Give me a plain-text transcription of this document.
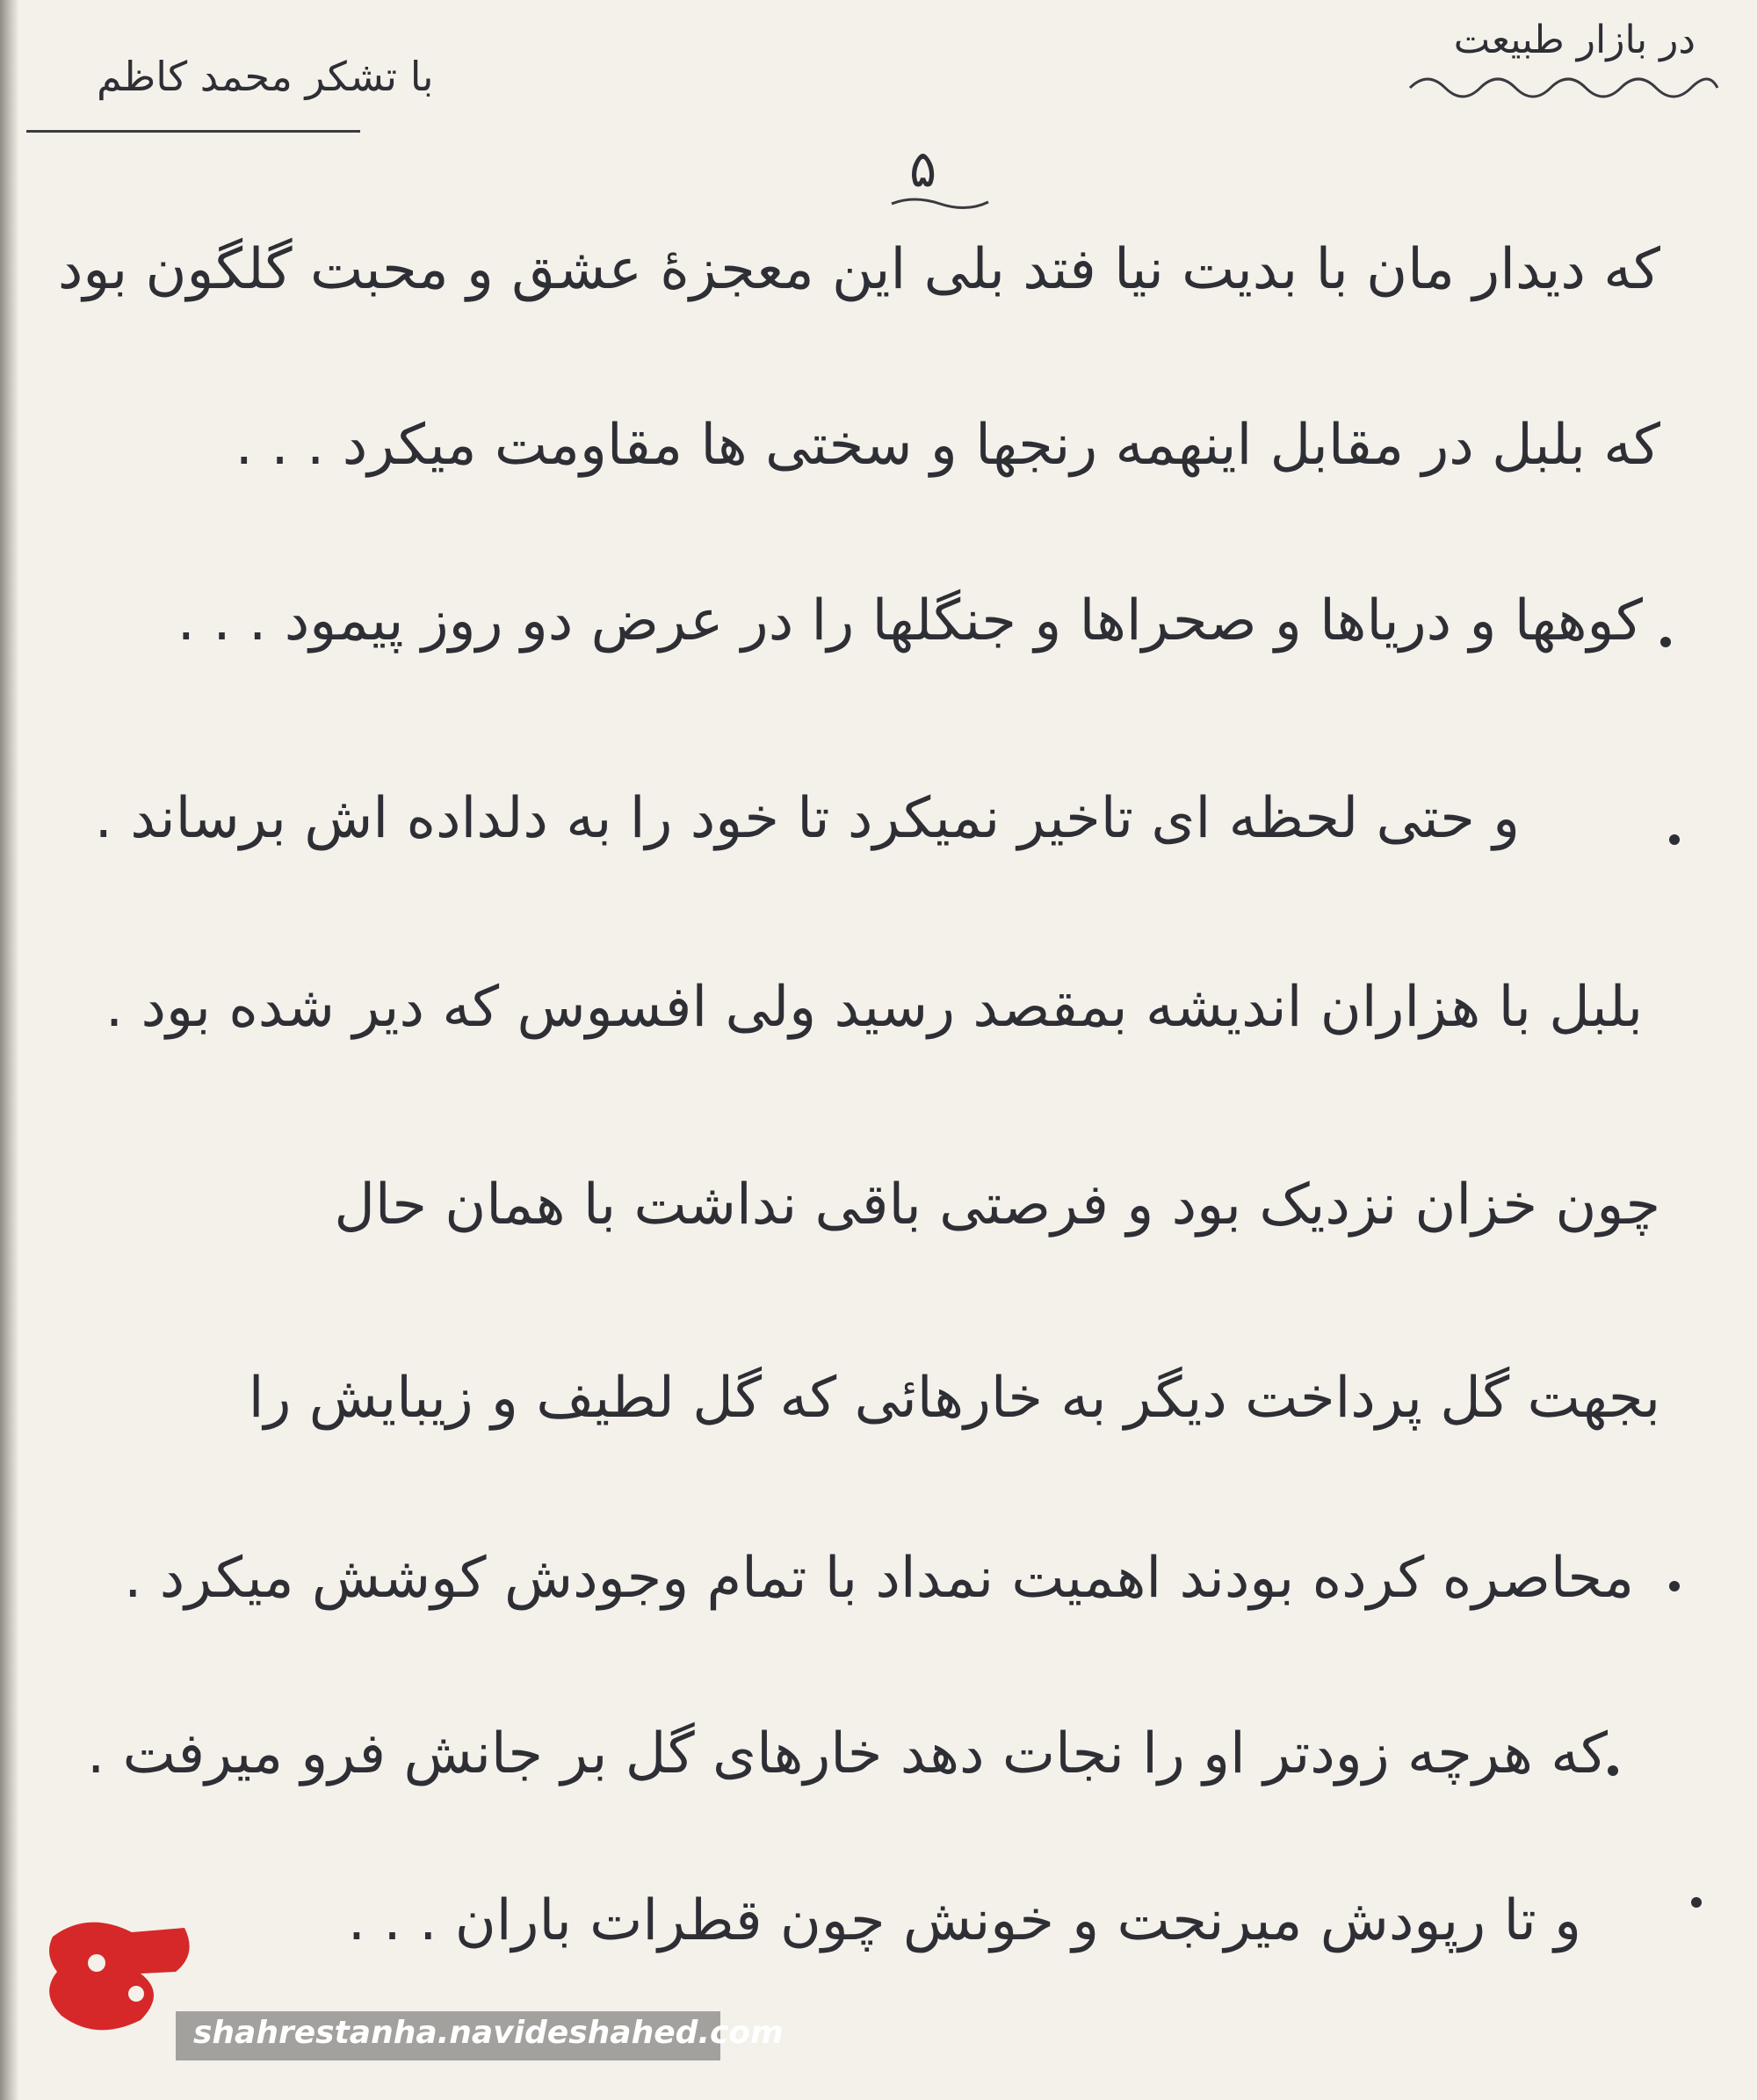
در بازار طبیعت
با تشکر محمد کاظم
۵
که دیدار مان با بدیت نیا فتد بلی این معجزهٔ عشق و محبت گلگون بود
که بلبل در مقابل اینهمه رنجها و سختی ها مقاومت میکرد . . .
کوهها و دریاها و صحراها و جنگلها را در عرض دو روز پیمود . . .
و حتی لحظه ای تاخیر نمیکرد تا خود را به دلداده اش برساند .
بلبل با هزاران اندیشه بمقصد رسید ولی افسوس که دیر شده بود .
چون خزان نزدیک بود و فرصتی باقی نداشت با همان حال
بجهت گل پرداخت دیگر به خارهائی که گل لطیف و زیبایش را
محاصره کرده بودند اهمیت نمداد با تمام وجودش کوشش میکرد .
که هرچه زودتر او را نجات دهد خارهای گل بر جانش فرو میرفت .
و تا رپودش میرنجت و خونش چون قطرات باران . . .
shahrestanha.navideshahed.com
